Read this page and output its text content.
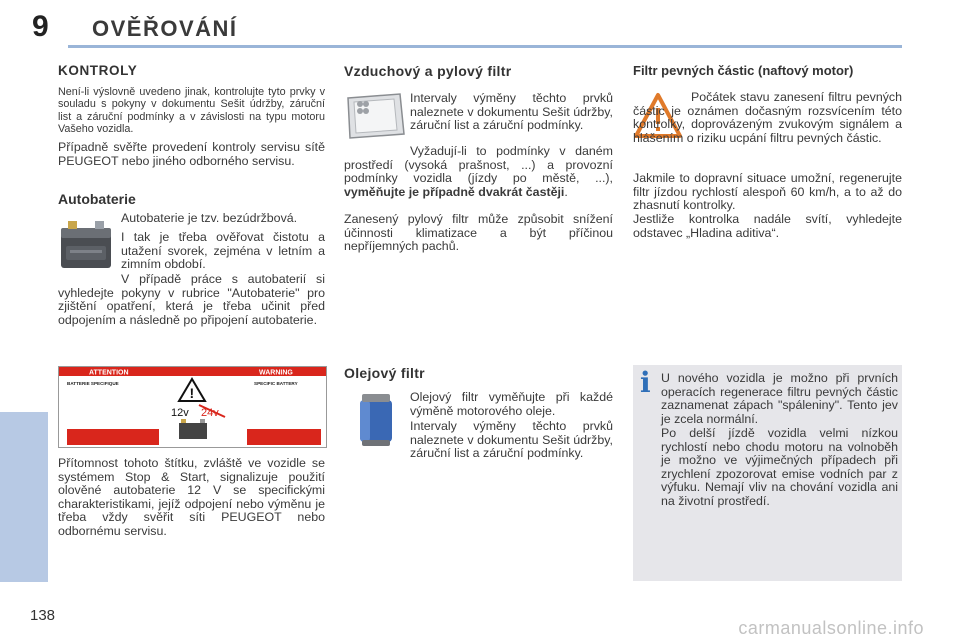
9 OVĚŘOVÁNÍ
KONTROLY

Není-li výslovně uvedeno jinak, kontrolujte tyto prvky v souladu s pokyny v dokumentu Sešit údržby, záruční list a záruční podmínky a v závislosti na typu motoru Vašeho vozidla.

Případně svěřte provedení kontroly servisu sítě PEUGEOT nebo jiného odborného servisu.

Autobaterie

Autobaterie je tzv. bezúdržbová.

I tak je třeba ověřovat čistotu a utažení svorek, zejména v letním a zimním období.

V případě práce s autobaterií si vyhledejte pokyny v rubrice "Autobaterie" pro zjištění opatření, která je třeba učinit před odpojením a následně po připojení autobaterie.

ATTENTION	WARNING
BATTERIE SPECIFIQUE	SPECIFIC BATTERY
!
12v 24v

Přítomnost tohoto štítku, zvláště ve vozidle se systémem Stop & Start, signalizuje použití olověné autobaterie 12 V se specifickými charakteristikami, jejíž odpojení nebo výměnu je třeba vždy svěřit síti PEUGEOT nebo odbornému servisu.

Vzduchový a pylový filtr

Intervaly výměny těchto prvků naleznete v dokumentu Sešit údržby, záruční list a záruční podmínky.

Vyžadují-li to podmínky v daném prostředí (vysoká prašnost, ...) a provozní podmínky vozidla (jízdy po městě, ...), vyměňujte je případně dvakrát častěji.

Zanesený pylový filtr může způsobit snížení účinnosti klimatizace a být příčinou nepříjemných pachů.

Olejový filtr

Olejový filtr vyměňujte při každé výměně motorového oleje.

Intervaly výměny těchto prvků naleznete v dokumentu Sešit údržby, záruční list a záruční podmínky.

Filtr pevných částic (naftový motor)

Počátek stavu zanesení filtru pevných částic je oznámen dočasným rozsvícením této kontrolky, doprovázeným zvukovým signálem a hlášením o riziku ucpání filtru pevných částic.

Jakmile to dopravní situace umožní, regenerujte filtr jízdou rychlostí alespoň 60 km/h, a to až do zhasnutí kontrolky.

Jestliže kontrolka nadále svítí, vyhledejte odstavec „Hladina aditiva“.

i U nového vozidla je možno při prvních operacích regenerace filtru pevných částic zaznamenat zápach "spáleniny". Tento jev je zcela normální.

Po delší jízdě vozidla velmi nízkou rychlostí nebo chodu motoru na volnoběh je možno ve výjimečných případech při zrychlení zpozorovat emise vodních par z výfuku. Nemají vliv na chování vozidla ani na životní prostředí.

138
carmanualsonline.info
